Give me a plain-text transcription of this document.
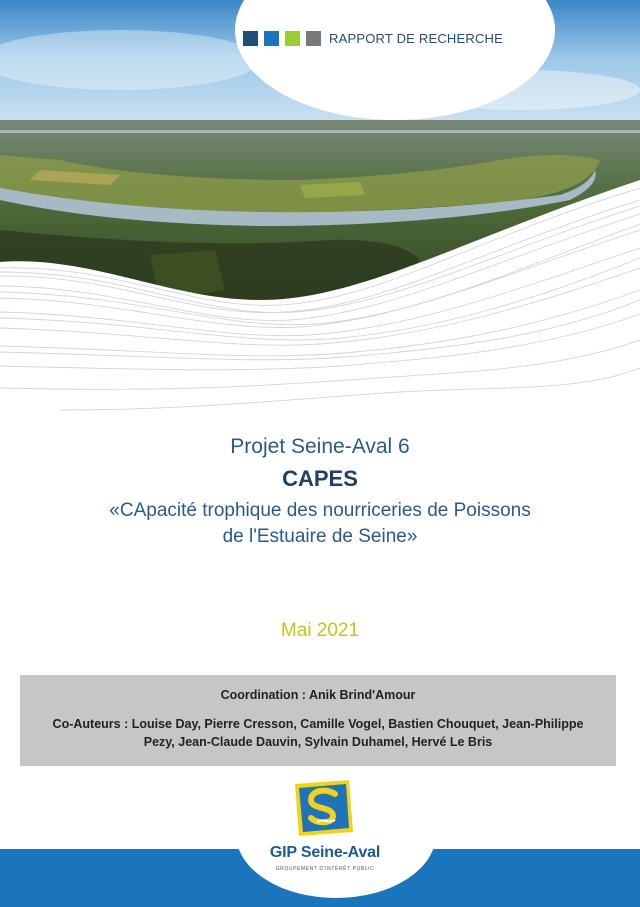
RAPPORT DE RECHERCHE
Projet Seine-Aval 6
CAPES
«CApacité trophique des nourriceries de Poissons
de l'Estuaire de Seine»
Mai 2021
Coordination : Anik Brind'Amour
Co-Auteurs : Louise Day, Pierre Cresson, Camille Vogel, Bastien Chouquet, Jean-Philippe
Pezy, Jean-Claude Dauvin, Sylvain Duhamel, Hervé Le Bris
GIP Seine-Aval
GROUPEMENT D'INTÉRÊT PUBLIC
